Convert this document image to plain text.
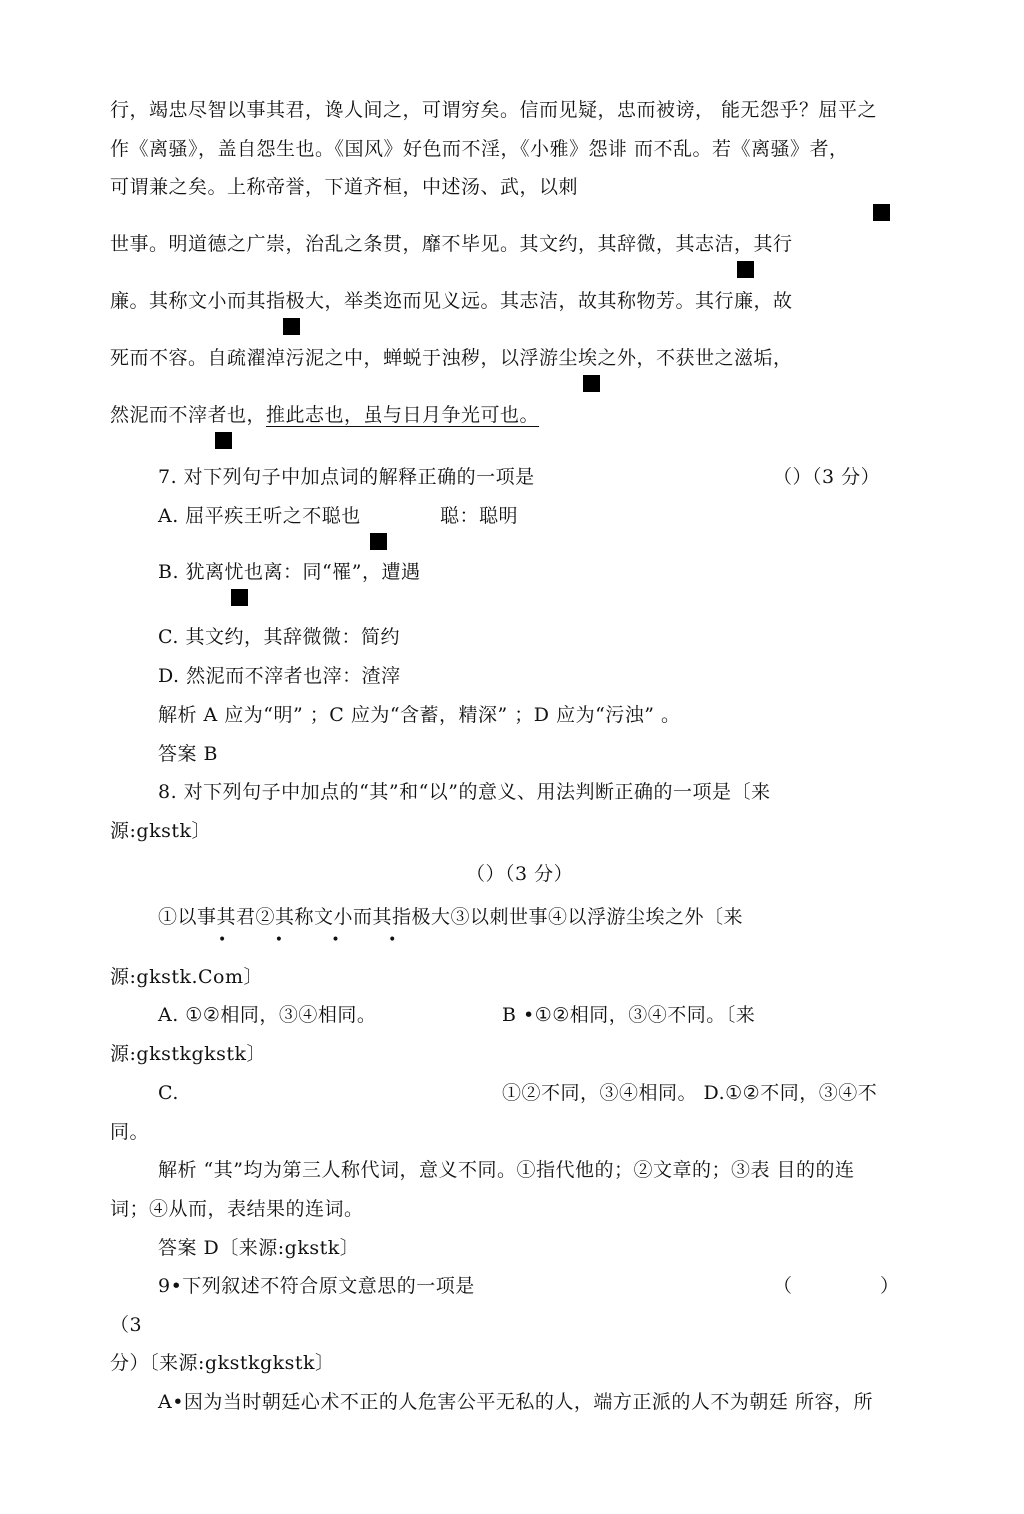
行，竭忠尽智以事其君，谗人间之，可谓穷矣。信而见疑，忠而被谤， 能无怨乎？屈平之
作《离骚》，盖自怨生也。《国风》好色而不淫，《小雅》怨诽 而不乱。若《离骚》者，
可谓兼之矣。上称帝誉，下道齐桓，中述汤、武，以刺
世事。明道德之广崇，治乱之条贯，靡不毕见。其文约，其辞微，其志洁，其行
廉。其称文小而其指极大，举类迩而见义远。其志洁，故其称物芳。其行廉，故
死而不容。自疏濯淖污泥之中，蝉蜕于浊秽，以浮游尘埃之外，不获世之滋垢，
然泥而不滓者也，推此志也，虽与日月争光可也。
7. 对下列句子中加点词的解释正确的一项是	（）（3 分）
A. 屈平疾王听之不聪也	聪：聪明
B. 犹离忧也离：同“罹”，遭遇
C. 其文约，其辞微微：简约
D. 然泥而不滓者也滓：渣滓
解析 A 应为“明” ；C 应为“含蓄，精深” ；D 应为“污浊” 。
答案 B
8. 对下列句子中加点的“其”和“以”的意义、用法判断正确的一项是〔来
源:gkstk〕
（）（3 分）
①以事其君②其称文小而其指极大③以刺世事④以浮游尘埃之外〔来
• • • •
源:gkstk.Com〕
A. ①②相同，③④相同。	B •①②相同，③④不同。〔来
源:gkstkgkstk〕
C.	①②不同，③④相同。 D.①②不同，③④不
同。
解析 “其”均为第三人称代词，意义不同。①指代他的；②文章的；③表 目的的连
词；④从而，表结果的连词。
答案 D〔来源:gkstk〕
9•下列叙述不符合原文意思的一项是	（	）
（3
分）〔来源:gkstkgkstk〕
A•因为当时朝廷心术不正的人危害公平无私的人，端方正派的人不为朝廷 所容，所
